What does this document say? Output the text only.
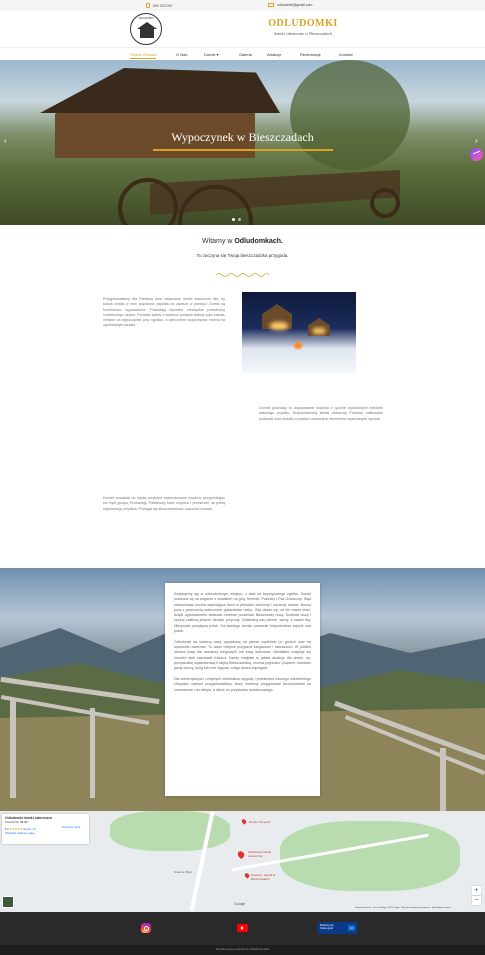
692 303 007	odludomki@gmail.com
ODLUDOMKI	ODLUDOMKI
domki całoroczne w Bieszczadach
Strona Główna	O Nas	Domki ▾	Galeria	Atrakcje	Rezerwacje	Kontakt
Wypoczynek w Bieszczadach
‹	›
Witamy w Odludomkach.
Tu zaczyna się Twoja bieszczadzka przygoda.
Przygotowaliśmy dla Państwa dwa luksusowe domki stworzone tak, by każda chwila w nich spędzona zapadła na zawsze w pamięci. Domki są komfortowo wyposażone. Posiadają wszelkie niezbędne przedmioty codziennego użytku. Ponadto każdy z domków posiada własny plac zabaw, miejsce na wypoczynek przy ognisku, a wieczorem wypoczywać można na ogrzewanym tarasie.
Domek goszcząc to dopasowane wnętrza z ręcznie wykonanymi meblami własnego projektu. Niepowtarzalny klimat dostarczy Państwu hafkowane poduszki oraz dodatki w postaci ozdobnych elementów wykonanych ręcznie.
Domek prowadzi do ciepła przytulne zaaranżowane wnętrza, przyjeżdżając na myśl gorącą Prowansję. Pastelowy kolor wnętrza i przestrzeń na pełną regenerację zmysłów. Pomaga się skoncentrować i uspokoić emocje.

Znajdujemy się w odosobnionym miejscu, z dala od turystycznego zgiełku. Domki położone są na wzgórzu z widokiem na góry Smerek, Połoniny i Pas Graniczny. Stąd obserwować można zapierające dech w piersiach wschody i zachody słońca. Nocną porą z pewnością uwiecznicie gwiaździste niebo. Gdy okaże się, że nie macie dość, dzięki ogrzewanemu tarasowi możecie podziwiać Bieszczady nocą. Dookoła ciszę i spokój zakłócą jedynie dźwięki przyrody. Odwiedzą nas jelenie, sarny, a nawet lisy. Nieopodal przepływa potok. Od każdego domku prowadzi bezpośrednie zejście nad potok.

Odludomki są świetną bazą wypadową na piesze wędrówki po górach oraz na wycieczki rowerowe. To także miejsce przyjazne biegaczom i narciarzom. W pobliżu idealne trasy dla narciarzy biegowych lub trasy skiturowe. Niedaleko znajduje się również stok narciarski Kalnica. Każdy znajdzie tu jakieś atrakcje dla siebie, np. przejażdżkę wąskotorową Kolejką Bieszczadzką, można pojeździć Quadem, zamówić jazdę konną, kulig lub inne zajęcia, czego dusza zapragnie.

Dla komercjalnych i chętnych miłośników wygody i przestrzeni naszego wieloletniego chłopaka również przygotowaliśmy, który możemy przygotować bezpośrednio na zamówienie i do sklepu, a także do przystanku autobusowego.

Domki "Smerek"
Odludomki domki całoroczne
Smerek Wieś
Smerek - domki w Bieszczadach
Odludomki domki całoroczne
Smerek 5a, 38-607
Wyznacz trasę
5.0 ★★★★★ Opinie: 14
Wyświetl większą mapę
+
−
Google
Skróty klawiszowe · Dane do Mapy ©2023 Google · Warunki korzystania z programu · Zgłoś błąd w mapach
Booking.com
Opinie gości	10
Wszelkie prawa zastrzeżone, Odludomki 2023
